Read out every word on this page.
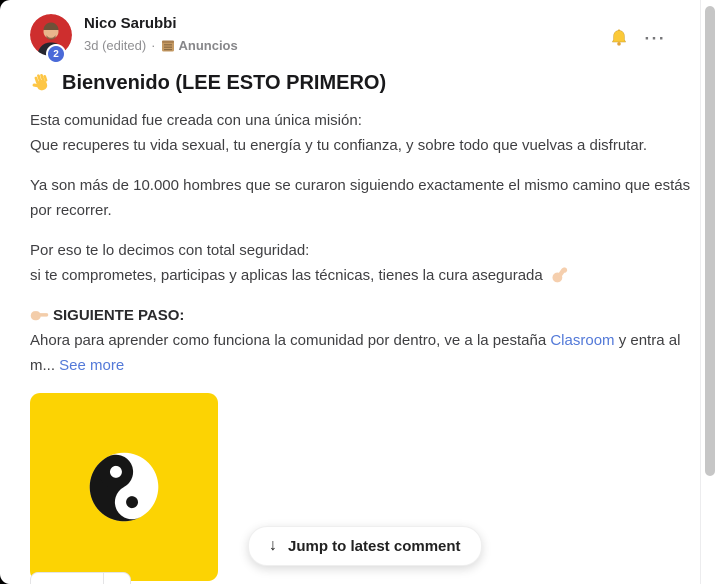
2
Nico Sarubbi
3d (edited) · Anuncios	···
Bienvenido (LEE ESTO PRIMERO)
Esta comunidad fue creada con una única misión:
Que recuperes tu vida sexual, tu energía y tu confianza, y sobre todo que vuelvas a disfrutar.
Ya son más de 10.000 hombres que se curaron siguiendo exactamente el mismo camino que estás
por recorrer.
Por eso te lo decimos con total seguridad:
si te comprometes, participas y aplicas las técnicas, tienes la cura asegurada
SIGUIENTE PASO:
Ahora para aprender como funciona la comunidad por dentro, ve a la pestaña Clasroom y entra al
m... See more
↓ Jump to latest comment
